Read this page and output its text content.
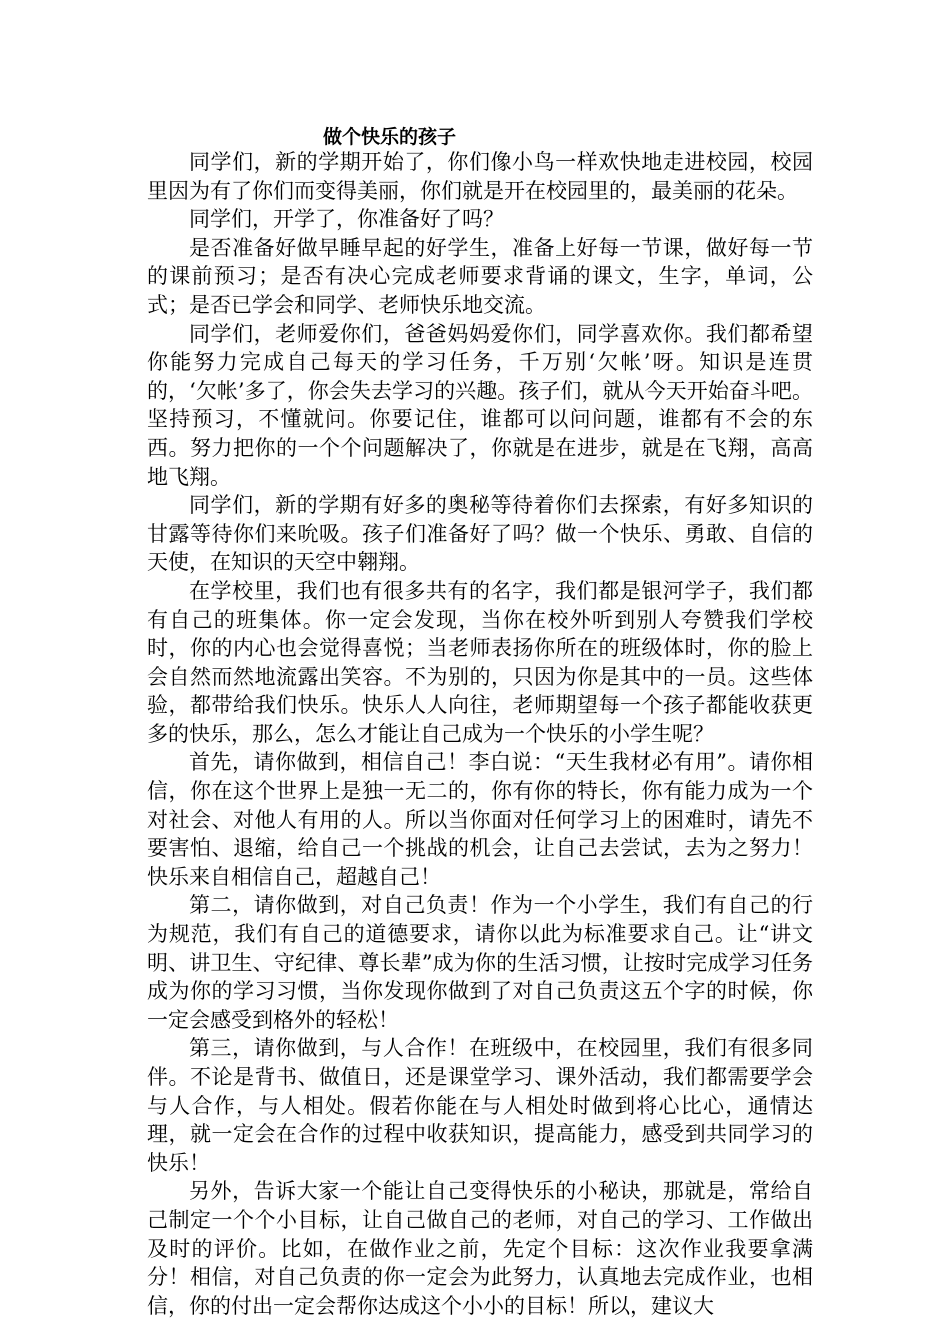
做个快乐的孩子

同学们，新的学期开始了，你们像小鸟一样欢快地走进校园，校园里因为有了你们而变得美丽，你们就是开在校园里的，最美丽的花朵。

同学们，开学了，你准备好了吗？

是否准备好做早睡早起的好学生，准备上好每一节课，做好每一节的课前预习；是否有决心完成老师要求背诵的课文，生字，单词，公式；是否已学会和同学、老师快乐地交流。

同学们，老师爱你们，爸爸妈妈爱你们，同学喜欢你。我们都希望你能努力完成自己每天的学习任务，千万别‘欠帐’呀。知识是连贯的，‘欠帐’多了，你会失去学习的兴趣。孩子们，就从今天开始奋斗吧。坚持预习，不懂就问。你要记住，谁都可以问问题，谁都有不会的东西。努力把你的一个个问题解决了，你就是在进步，就是在飞翔，高高地飞翔。

同学们，新的学期有好多的奥秘等待着你们去探索，有好多知识的甘露等待你们来吮吸。孩子们准备好了吗？做一个快乐、勇敢、自信的天使，在知识的天空中翱翔。

在学校里，我们也有很多共有的名字，我们都是银河学子，我们都有自己的班集体。你一定会发现，当你在校外听到别人夸赞我们学校时，你的内心也会觉得喜悦；当老师表扬你所在的班级体时，你的脸上会自然而然地流露出笑容。不为别的，只因为你是其中的一员。这些体验，都带给我们快乐。快乐人人向往，老师期望每一个孩子都能收获更多的快乐，那么，怎么才能让自己成为一个快乐的小学生呢？

首先，请你做到，相信自己！李白说：“天生我材必有用”。请你相信，你在这个世界上是独一无二的，你有你的特长，你有能力成为一个对社会、对他人有用的人。所以当你面对任何学习上的困难时，请先不要害怕、退缩，给自己一个挑战的机会，让自己去尝试，去为之努力！快乐来自相信自己，超越自己！

第二，请你做到，对自己负责！作为一个小学生，我们有自己的行为规范，我们有自己的道德要求，请你以此为标准要求自己。让“讲文明、讲卫生、守纪律、尊长辈”成为你的生活习惯，让按时完成学习任务成为你的学习习惯，当你发现你做到了对自己负责这五个字的时候，你一定会感受到格外的轻松！

第三，请你做到，与人合作！在班级中，在校园里，我们有很多同伴。不论是背书、做值日，还是课堂学习、课外活动，我们都需要学会与人合作，与人相处。假若你能在与人相处时做到将心比心，通情达理，就一定会在合作的过程中收获知识，提高能力，感受到共同学习的快乐！

另外，告诉大家一个能让自己变得快乐的小秘诀，那就是，常给自己制定一个个小目标，让自己做自己的老师，对自己的学习、工作做出及时的评价。比如，在做作业之前，先定个目标：这次作业我要拿满分！相信，对自己负责的你一定会为此努力，认真地去完成作业，也相信，你的付出一定会帮你达成这个小小的目标！所以，建议大
